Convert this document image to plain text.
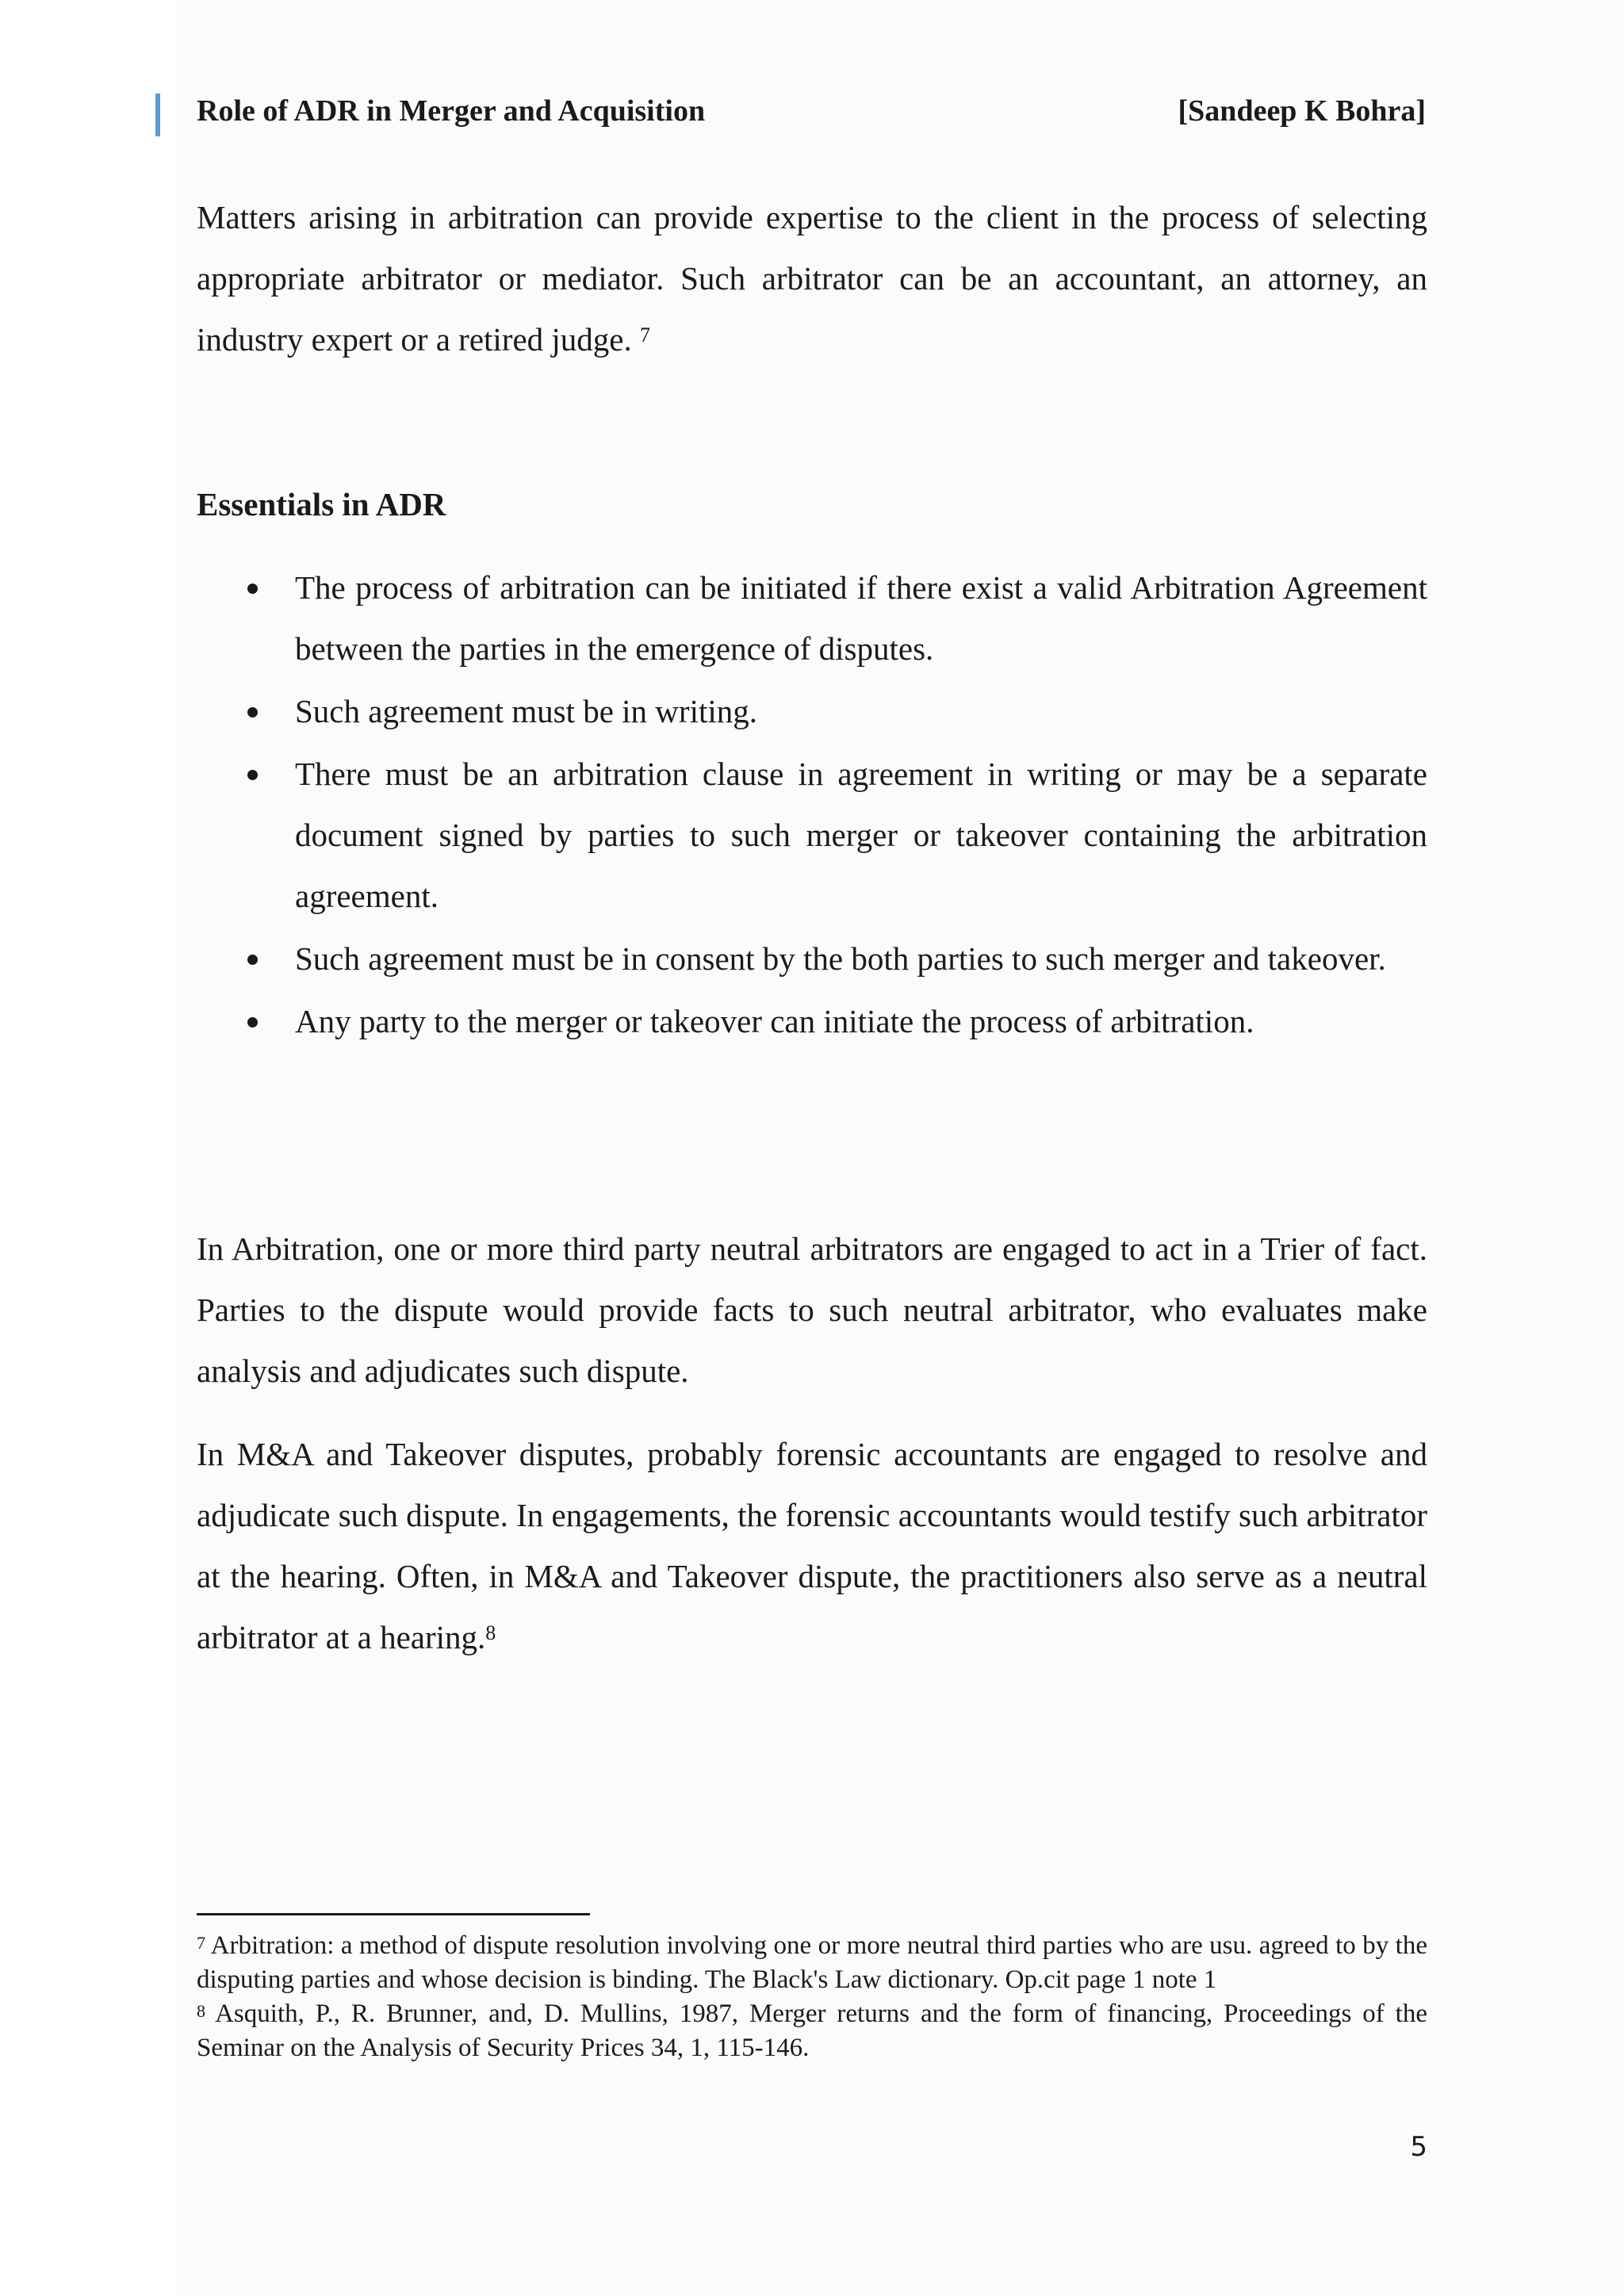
Role of ADR in Merger and Acquisition	[Sandeep K Bohra]

Matters arising in arbitration can provide expertise to the client in the process of selecting appropriate arbitrator or mediator. Such arbitrator can be an accountant, an attorney, an industry expert or a retired judge. $^7$

Essentials in ADR
The process of arbitration can be initiated if there exist a valid Arbitration Agreement between the parties in the emergence of disputes.
Such agreement must be in writing.
There must be an arbitration clause in agreement in writing or may be a separate document signed by parties to such merger or takeover containing the arbitration agreement.
Such agreement must be in consent by the both parties to such merger and takeover.
Any party to the merger or takeover can initiate the process of arbitration.

In Arbitration, one or more third party neutral arbitrators are engaged to act in a Trier of fact. Parties to the dispute would provide facts to such neutral arbitrator, who evaluates make analysis and adjudicates such dispute.

In M&A and Takeover disputes, probably forensic accountants are engaged to resolve and adjudicate such dispute. In engagements, the forensic accountants would testify such arbitrator at the hearing. Often, in M&A and Takeover dispute, the practitioners also serve as a neutral arbitrator at a hearing.$^8$

$^7$ Arbitration: a method of dispute resolution involving one or more neutral third parties who are usu. agreed to by the disputing parties and whose decision is binding. The Black's Law dictionary. Op.cit page 1 note 1

$^8$ Asquith, P., R. Brunner, and, D. Mullins, 1987, Merger returns and the form of financing, Proceedings of the Seminar on the Analysis of Security Prices 34, 1, 115-146.

5
